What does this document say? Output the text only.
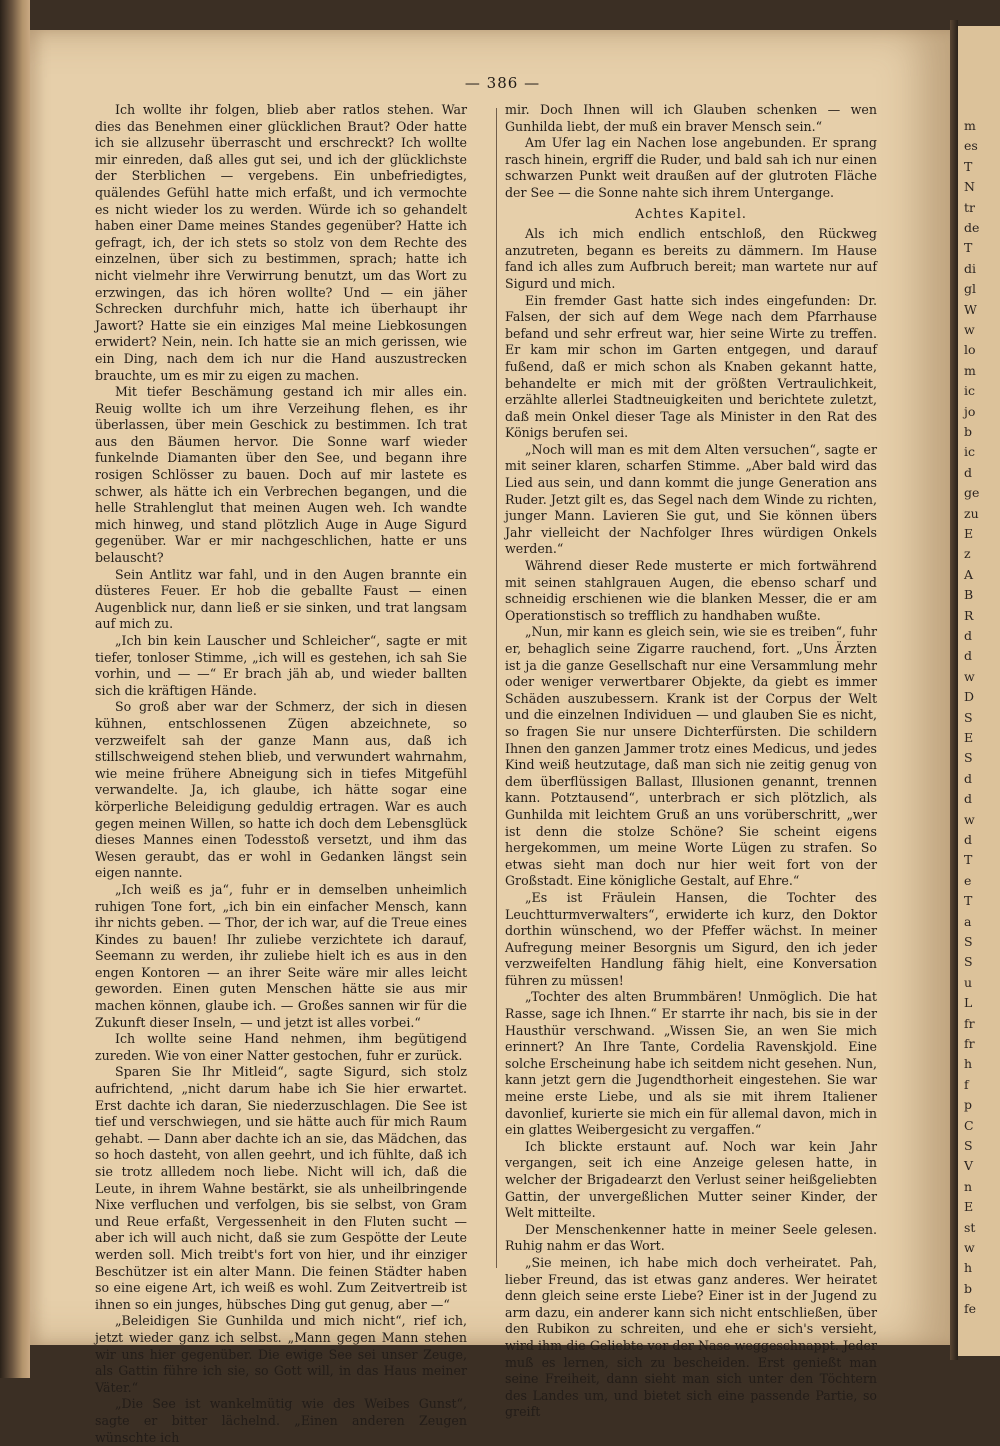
m
es
T
N
tr
de
T
di
gl
W
w
lo
m
ic
jo
b
ic
d
ge
zu
E
z
A
B
R
d
d
w
D
S
E
S
d
d
w
d
T
e
T
a
S
S
u
L
fr
fr
h
f
p
C
S
V
n
E
st
w
h
b
fe
— 386 —

Ich wollte ihr folgen, blieb aber ratlos stehen. War dies das Benehmen einer glücklichen Braut? Oder hatte ich sie allzusehr überrascht und erschreckt? Ich wollte mir einreden, daß alles gut sei, und ich der glücklichste der Sterblichen — vergebens. Ein unbefriedigtes, quälendes Gefühl hatte mich erfaßt, und ich vermochte es nicht wieder los zu werden. Würde ich so gehandelt haben einer Dame meines Standes gegenüber? Hatte ich gefragt, ich, der ich stets so stolz von dem Rechte des einzelnen, über sich zu bestimmen, sprach; hatte ich nicht vielmehr ihre Verwirrung benutzt, um das Wort zu erzwingen, das ich hören wollte? Und — ein jäher Schrecken durchfuhr mich, hatte ich überhaupt ihr Jawort? Hatte sie ein einziges Mal meine Liebkosungen erwidert? Nein, nein. Ich hatte sie an mich gerissen, wie ein Ding, nach dem ich nur die Hand auszustrecken brauchte, um es mir zu eigen zu machen.

Mit tiefer Beschämung gestand ich mir alles ein. Reuig wollte ich um ihre Verzeihung flehen, es ihr überlassen, über mein Geschick zu bestimmen. Ich trat aus den Bäumen hervor. Die Sonne warf wieder funkelnde Diamanten über den See, und begann ihre rosigen Schlösser zu bauen. Doch auf mir lastete es schwer, als hätte ich ein Verbrechen begangen, und die helle Strahlenglut that meinen Augen weh. Ich wandte mich hinweg, und stand plötzlich Auge in Auge Sigurd gegenüber. War er mir nachgeschlichen, hatte er uns belauscht?

Sein Antlitz war fahl, und in den Augen brannte ein düsteres Feuer. Er hob die geballte Faust — einen Augenblick nur, dann ließ er sie sinken, und trat langsam auf mich zu.

„Ich bin kein Lauscher und Schleicher“, sagte er mit tiefer, tonloser Stimme, „ich will es gestehen, ich sah Sie vorhin, und — —“ Er brach jäh ab, und wieder ballten sich die kräftigen Hände.

So groß aber war der Schmerz, der sich in diesen kühnen, entschlossenen Zügen abzeichnete, so verzweifelt sah der ganze Mann aus, daß ich stillschweigend stehen blieb, und verwundert wahrnahm, wie meine frühere Abneigung sich in tiefes Mitgefühl verwandelte. Ja, ich glaube, ich hätte sogar eine körperliche Beleidigung geduldig ertragen. War es auch gegen meinen Willen, so hatte ich doch dem Lebensglück dieses Mannes einen Todesstoß versetzt, und ihm das Wesen geraubt, das er wohl in Gedanken längst sein eigen nannte.

„Ich weiß es ja“, fuhr er in demselben unheimlich ruhigen Tone fort, „ich bin ein einfacher Mensch, kann ihr nichts geben. — Thor, der ich war, auf die Treue eines Kindes zu bauen! Ihr zuliebe verzichtete ich darauf, Seemann zu werden, ihr zuliebe hielt ich es aus in den engen Kontoren — an ihrer Seite wäre mir alles leicht geworden. Einen guten Menschen hätte sie aus mir machen können, glaube ich. — Großes sannen wir für die Zukunft dieser Inseln, — und jetzt ist alles vorbei.“

Ich wollte seine Hand nehmen, ihm begütigend zureden. Wie von einer Natter gestochen, fuhr er zurück.

Sparen Sie Ihr Mitleid“, sagte Sigurd, sich stolz aufrichtend, „nicht darum habe ich Sie hier erwartet. Erst dachte ich daran, Sie niederzuschlagen. Die See ist tief und verschwiegen, und sie hätte auch für mich Raum gehabt. — Dann aber dachte ich an sie, das Mädchen, das so hoch dasteht, von allen geehrt, und ich fühlte, daß ich sie trotz allledem noch liebe. Nicht will ich, daß die Leute, in ihrem Wahne bestärkt, sie als unheilbringende Nixe verfluchen und verfolgen, bis sie selbst, von Gram und Reue erfaßt, Vergessenheit in den Fluten sucht — aber ich will auch nicht, daß sie zum Gespötte der Leute werden soll. Mich treibt's fort von hier, und ihr einziger Beschützer ist ein alter Mann. Die feinen Städter haben so eine eigene Art, ich weiß es wohl. Zum Zeitvertreib ist ihnen so ein junges, hübsches Ding gut genug, aber —“

„Beleidigen Sie Gunhilda und mich nicht“, rief ich, jetzt wieder ganz ich selbst. „Mann gegen Mann stehen wir uns hier gegenüber. Die ewige See sei unser Zeuge, als Gattin führe ich sie, so Gott will, in das Haus meiner Väter.“

„Die See ist wankelmütig wie des Weibes Gunst“, sagte er bitter lächelnd. „Einen anderen Zeugen wünschte ich

mir. Doch Ihnen will ich Glauben schenken — wen Gunhilda liebt, der muß ein braver Mensch sein.“

Am Ufer lag ein Nachen lose angebunden. Er sprang rasch hinein, ergriff die Ruder, und bald sah ich nur einen schwarzen Punkt weit draußen auf der glutroten Fläche der See — die Sonne nahte sich ihrem Untergange.

Achtes Kapitel.

Als ich mich endlich entschloß, den Rückweg anzutreten, begann es bereits zu dämmern. Im Hause fand ich alles zum Aufbruch bereit; man wartete nur auf Sigurd und mich.

Ein fremder Gast hatte sich indes eingefunden: Dr. Falsen, der sich auf dem Wege nach dem Pfarrhause befand und sehr erfreut war, hier seine Wirte zu treffen. Er kam mir schon im Garten entgegen, und darauf fußend, daß er mich schon als Knaben gekannt hatte, behandelte er mich mit der größten Vertraulichkeit, erzählte allerlei Stadtneuigkeiten und berichtete zuletzt, daß mein Onkel dieser Tage als Minister in den Rat des Königs berufen sei.

„Noch will man es mit dem Alten versuchen“, sagte er mit seiner klaren, scharfen Stimme. „Aber bald wird das Lied aus sein, und dann kommt die junge Generation ans Ruder. Jetzt gilt es, das Segel nach dem Winde zu richten, junger Mann. Lavieren Sie gut, und Sie können übers Jahr vielleicht der Nachfolger Ihres würdigen Onkels werden.“

Während dieser Rede musterte er mich fortwährend mit seinen stahlgrauen Augen, die ebenso scharf und schneidig erschienen wie die blanken Messer, die er am Operationstisch so trefflich zu handhaben wußte.

„Nun, mir kann es gleich sein, wie sie es treiben“, fuhr er, behaglich seine Zigarre rauchend, fort. „Uns Ärzten ist ja die ganze Gesellschaft nur eine Versammlung mehr oder weniger verwertbarer Objekte, da giebt es immer Schäden auszubessern. Krank ist der Corpus der Welt und die einzelnen Individuen — und glauben Sie es nicht, so fragen Sie nur unsere Dichterfürsten. Die schildern Ihnen den ganzen Jammer trotz eines Medicus, und jedes Kind weiß heutzutage, daß man sich nie zeitig genug von dem überflüssigen Ballast, Illusionen genannt, trennen kann. Potztausend“, unterbrach er sich plötzlich, als Gunhilda mit leichtem Gruß an uns vorüberschritt, „wer ist denn die stolze Schöne? Sie scheint eigens hergekommen, um meine Worte Lügen zu strafen. So etwas sieht man doch nur hier weit fort von der Großstadt. Eine königliche Gestalt, auf Ehre.“

„Es ist Fräulein Hansen, die Tochter des Leuchtturmverwalters“, erwiderte ich kurz, den Doktor dorthin wünschend, wo der Pfeffer wächst. In meiner Aufregung meiner Besorgnis um Sigurd, den ich jeder verzweifelten Handlung fähig hielt, eine Konversation führen zu müssen!

„Tochter des alten Brummbären! Unmöglich. Die hat Rasse, sage ich Ihnen.“ Er starrte ihr nach, bis sie in der Hausthür verschwand. „Wissen Sie, an wen Sie mich erinnert? An Ihre Tante, Cordelia Ravenskjold. Eine solche Erscheinung habe ich seitdem nicht gesehen. Nun, kann jetzt gern die Jugendthorheit eingestehen. Sie war meine erste Liebe, und als sie mit ihrem Italiener davonlief, kurierte sie mich ein für allemal davon, mich in ein glattes Weibergesicht zu vergaffen.“

Ich blickte erstaunt auf. Noch war kein Jahr vergangen, seit ich eine Anzeige gelesen hatte, in welcher der Brigadearzt den Verlust seiner heißgeliebten Gattin, der unvergeßlichen Mutter seiner Kinder, der Welt mitteilte.

Der Menschenkenner hatte in meiner Seele gelesen. Ruhig nahm er das Wort.

„Sie meinen, ich habe mich doch verheiratet. Pah, lieber Freund, das ist etwas ganz anderes. Wer heiratet denn gleich seine erste Liebe? Einer ist in der Jugend zu arm dazu, ein anderer kann sich nicht entschließen, über den Rubikon zu schreiten, und ehe er sich's versieht, wird ihm die Geliebte vor der Nase weggeschnappt. Jeder muß es lernen, sich zu bescheiden. Erst genießt man seine Freiheit, dann sieht man sich unter den Töchtern des Landes um, und bietet sich eine passende Partie, so greift
